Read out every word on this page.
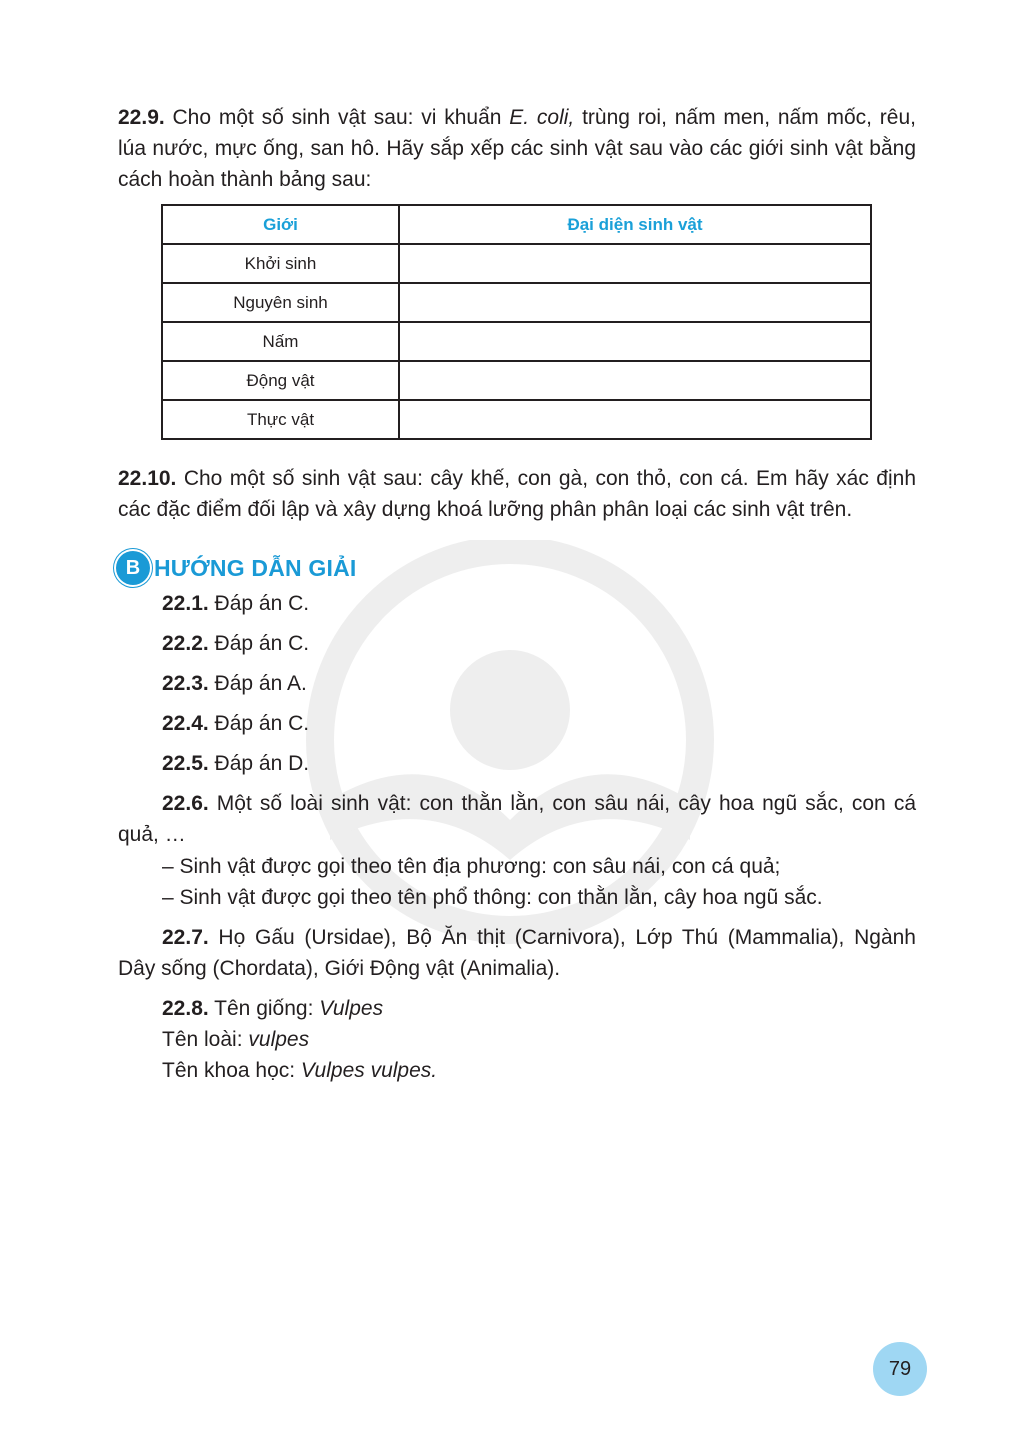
22.9. Cho một số sinh vật sau: vi khuẩn E. coli, trùng roi, nấm men, nấm mốc, rêu, lúa nước, mực ống, san hô. Hãy sắp xếp các sinh vật sau vào các giới sinh vật bằng cách hoàn thành bảng sau:
Giới	Đại diện sinh vật
Khởi sinh	
Nguyên sinh	
Nấm	
Động vật	
Thực vật	
22.10. Cho một số sinh vật sau: cây khế, con gà, con thỏ, con cá. Em hãy xác định các đặc điểm đối lập và xây dựng khoá lưỡng phân phân loại các sinh vật trên.
B HƯỚNG DẪN GIẢI
22.1. Đáp án C.
22.2. Đáp án C.
22.3. Đáp án A.
22.4. Đáp án C.
22.5. Đáp án D.
22.6. Một số loài sinh vật: con thằn lằn, con sâu nái, cây hoa ngũ sắc, con cá quả, …
– Sinh vật được gọi theo tên địa phương: con sâu nái, con cá quả;
– Sinh vật được gọi theo tên phổ thông: con thằn lằn, cây hoa ngũ sắc.
22.7. Họ Gấu (Ursidae), Bộ Ăn thịt (Carnivora), Lớp Thú (Mammalia), Ngành Dây sống (Chordata), Giới Động vật (Animalia).
22.8. Tên giống: Vulpes
Tên loài: vulpes
Tên khoa học: Vulpes vulpes.
79
